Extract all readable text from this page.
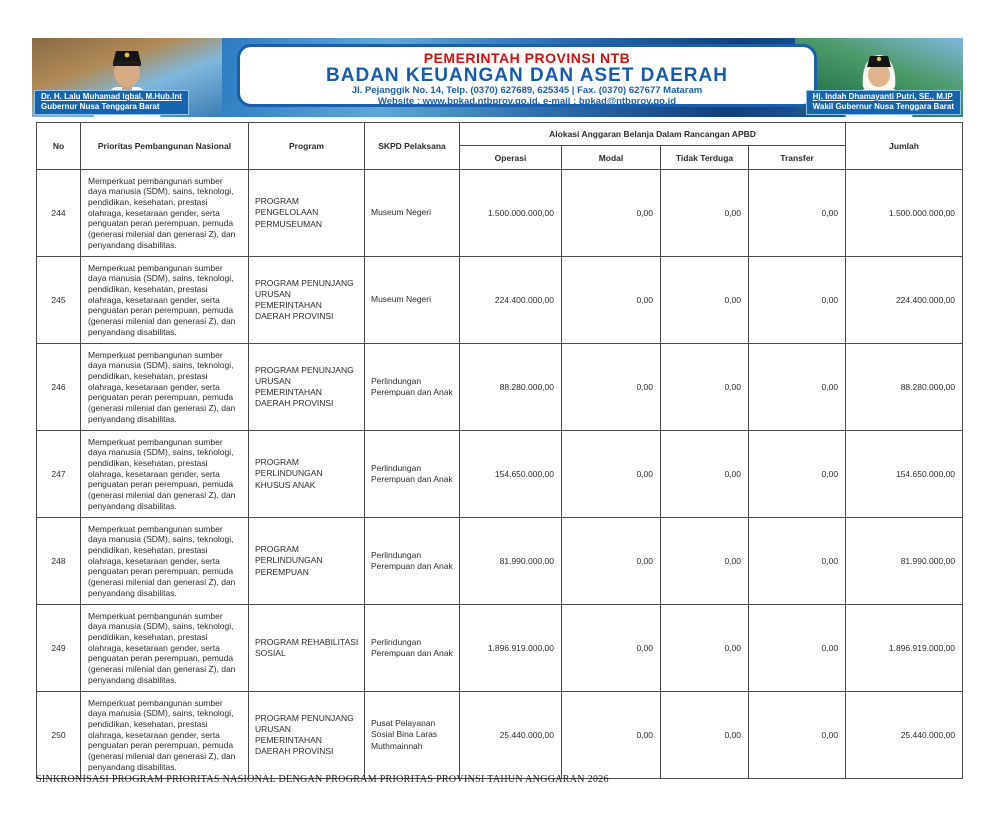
PEMERINTAH PROVINSI NTB
BADAN KEUANGAN DAN ASET DAERAH
Jl. Pejanggik No. 14, Telp. (0370) 627689, 625345 | Fax. (0370) 627677 Mataram
Website : www.bpkad.ntbprov.go.id, e-mail : bpkad@ntbprov.go.id
Dr. H. Lalu Muhamad Iqbal, M.Hub.Int
Gubernur Nusa Tenggara Barat
Hj. Indah Dhamayanti Putri, SE., M.IP
Wakil Gubernur Nusa Tenggara Barat
No	Prioritas Pembangunan Nasional	Program	SKPD Pelaksana	Alokasi Anggaran Belanja Dalam Rancangan APBD				Jumlah
				Operasi	Modal	Tidak Terduga	Transfer	
244	Memperkuat pembangunan sumber daya manusia (SDM), sains, teknologi, pendidikan, kesehatan, prestasi olahraga, kesetaraan gender, serta penguatan peran perempuan, pemuda (generasi milenial dan generasi Z), dan penyandang disabilitas.	PROGRAM PENGELOLAAN PERMUSEUMAN	Museum Negeri	1.500.000.000,00	0,00	0,00	0,00	1.500.000.000,00
245	Memperkuat pembangunan sumber daya manusia (SDM), sains, teknologi, pendidikan, kesehatan, prestasi olahraga, kesetaraan gender, serta penguatan peran perempuan, pemuda (generasi milenial dan generasi Z), dan penyandang disabilitas.	PROGRAM PENUNJANG URUSAN PEMERINTAHAN DAERAH PROVINSI	Museum Negeri	224.400.000,00	0,00	0,00	0,00	224.400.000,00
246	Memperkuat pembangunan sumber daya manusia (SDM), sains, teknologi, pendidikan, kesehatan, prestasi olahraga, kesetaraan gender, serta penguatan peran perempuan, pemuda (generasi milenial dan generasi Z), dan penyandang disabilitas.	PROGRAM PENUNJANG URUSAN PEMERINTAHAN DAERAH PROVINSI	Perlindungan Perempuan dan Anak	88.280.000,00	0,00	0,00	0,00	88.280.000,00
247	Memperkuat pembangunan sumber daya manusia (SDM), sains, teknologi, pendidikan, kesehatan, prestasi olahraga, kesetaraan gender, serta penguatan peran perempuan, pemuda (generasi milenial dan generasi Z), dan penyandang disabilitas.	PROGRAM PERLINDUNGAN KHUSUS ANAK	Perlindungan Perempuan dan Anak	154.650.000,00	0,00	0,00	0,00	154.650.000,00
248	Memperkuat pembangunan sumber daya manusia (SDM), sains, teknologi, pendidikan, kesehatan, prestasi olahraga, kesetaraan gender, serta penguatan peran perempuan, pemuda (generasi milenial dan generasi Z), dan penyandang disabilitas.	PROGRAM PERLINDUNGAN PEREMPUAN	Perlindungan Perempuan dan Anak	81.990.000,00	0,00	0,00	0,00	81.990.000,00
249	Memperkuat pembangunan sumber daya manusia (SDM), sains, teknologi, pendidikan, kesehatan, prestasi olahraga, kesetaraan gender, serta penguatan peran perempuan, pemuda (generasi milenial dan generasi Z), dan penyandang disabilitas.	PROGRAM REHABILITASI SOSIAL	Perlindungan Perempuan dan Anak	1.896.919.000,00	0,00	0,00	0,00	1.896.919.000,00
250	Memperkuat pembangunan sumber daya manusia (SDM), sains, teknologi, pendidikan, kesehatan, prestasi olahraga, kesetaraan gender, serta penguatan peran perempuan, pemuda (generasi milenial dan generasi Z), dan penyandang disabilitas.	PROGRAM PENUNJANG URUSAN PEMERINTAHAN DAERAH PROVINSI	Pusat Pelayanan Sosial Bina Laras Muthmainnah	25.440.000,00	0,00	0,00	0,00	25.440.000,00
SINKRONISASI PROGRAM PRIORITAS NASIONAL DENGAN PROGRAM PRIORITAS PROVINSI TAHUN ANGGARAN 2026
